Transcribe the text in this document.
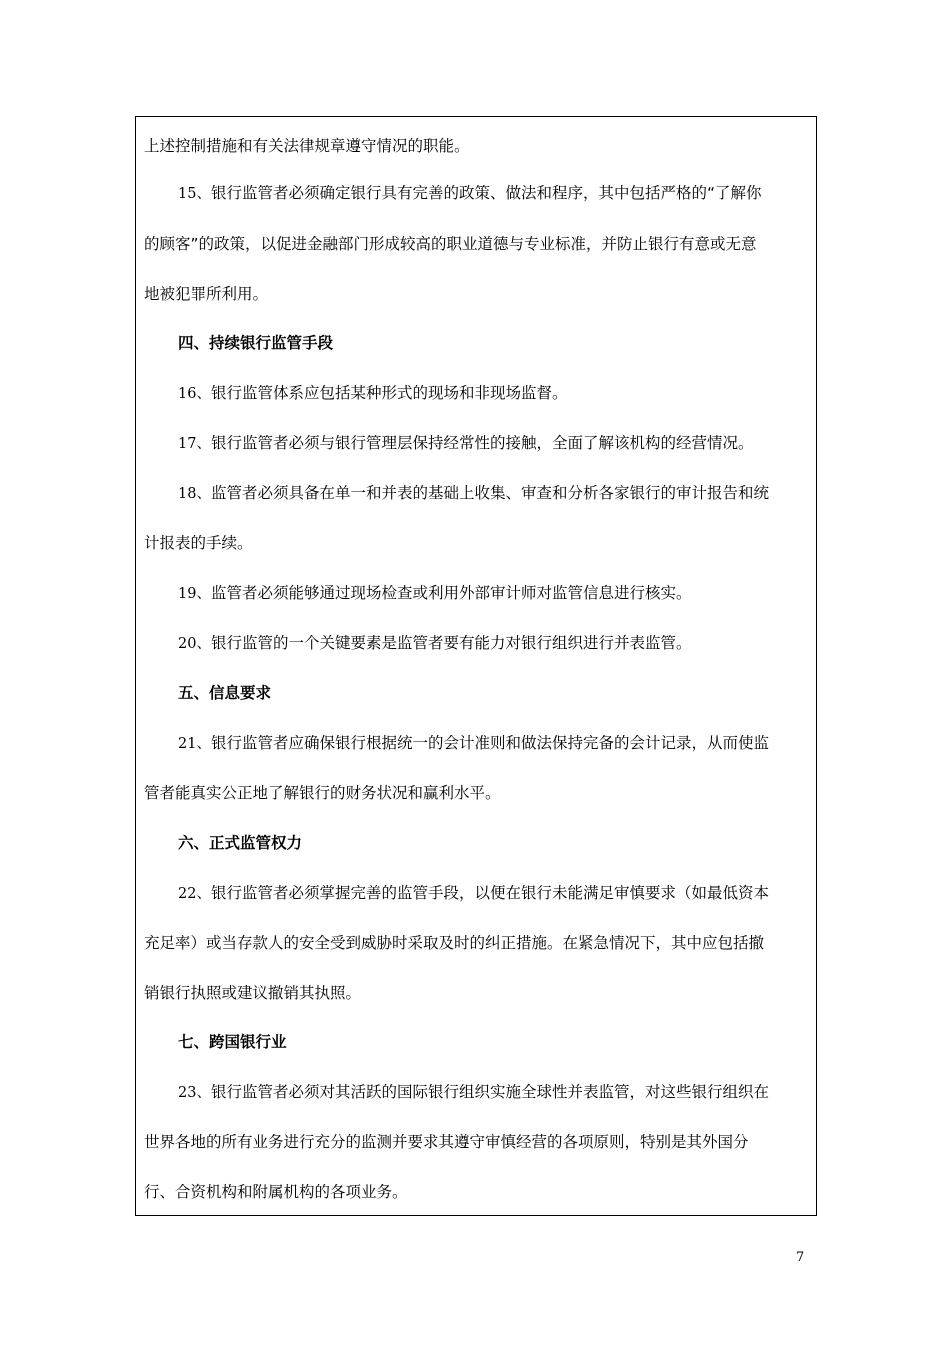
上述控制措施和有关法律规章遵守情况的职能。
15、银行监管者必须确定银行具有完善的政策、做法和程序，其中包括严格的“了解你
的顾客”的政策，以促进金融部门形成较高的职业道德与专业标准，并防止银行有意或无意
地被犯罪所利用。
四、持续银行监管手段
16、银行监管体系应包括某种形式的现场和非现场监督。
17、银行监管者必须与银行管理层保持经常性的接触，全面了解该机构的经营情况。
18、监管者必须具备在单一和并表的基础上收集、审查和分析各家银行的审计报告和统
计报表的手续。
19、监管者必须能够通过现场检查或利用外部审计师对监管信息进行核实。
20、银行监管的一个关键要素是监管者要有能力对银行组织进行并表监管。
五、信息要求
21、银行监管者应确保银行根据统一的会计准则和做法保持完备的会计记录，从而使监
管者能真实公正地了解银行的财务状况和赢利水平。
六、正式监管权力
22、银行监管者必须掌握完善的监管手段，以便在银行未能满足审慎要求（如最低资本
充足率）或当存款人的安全受到威胁时采取及时的纠正措施。在紧急情况下，其中应包括撤
销银行执照或建议撤销其执照。
七、跨国银行业
23、银行监管者必须对其活跃的国际银行组织实施全球性并表监管，对这些银行组织在
世界各地的所有业务进行充分的监测并要求其遵守审慎经营的各项原则，特别是其外国分
行、合资机构和附属机构的各项业务。
7
